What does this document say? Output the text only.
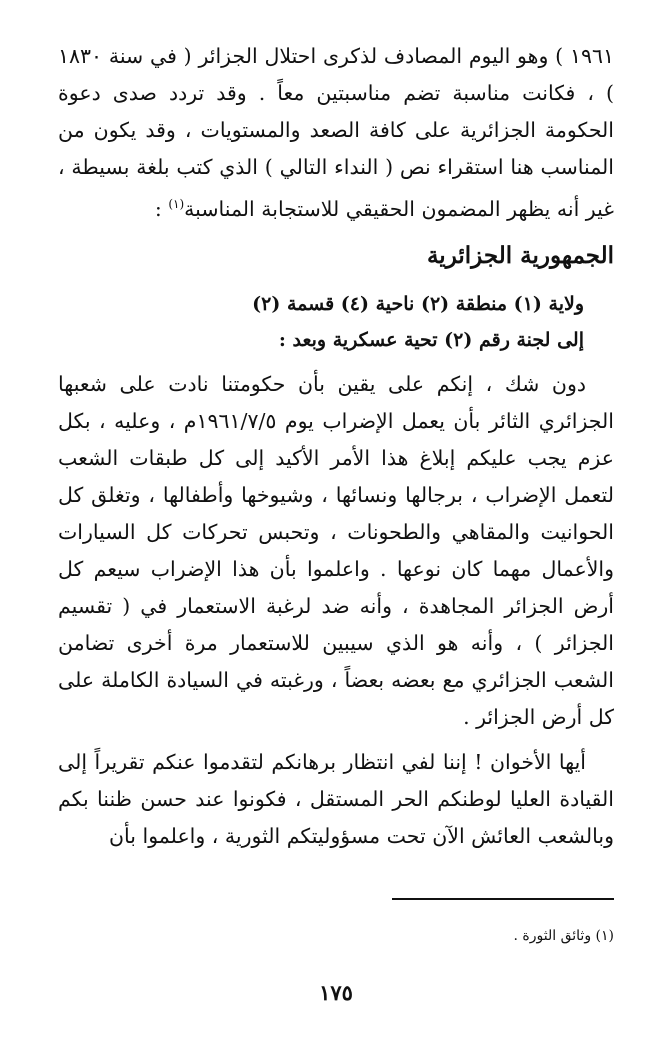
١٩٦١ ) وهو اليوم المصادف لذكرى احتلال الجزائر ( في سنة ١٨٣٠ ) ، فكانت مناسبة تضم مناسبتين معاً . وقد تردد صدى دعوة الحكومة الجزائرية على كافة الصعد والمستويات ، وقد يكون من المناسب هنا استقراء نص ( النداء التالي ) الذي كتب بلغة بسيطة ، غير أنه يظهر المضمون الحقيقي للاستجابة المناسبة$^{(١)}$ :

الجمهورية الجزائرية

ولاية (١) منطقة (٢) ناحية (٤) قسمة (٢)

إلى لجنة رقم (٢) تحية عسكرية وبعد :

دون شك ، إنكم على يقين بأن حكومتنا نادت على شعبها الجزائري الثائر بأن يعمل الإضراب يوم ١٩٦١/٧/٥م ، وعليه ، بكل عزم يجب عليكم إبلاغ هذا الأمر الأكيد إلى كل طبقات الشعب لتعمل الإضراب ، برجالها ونسائها ، وشيوخها وأطفالها ، وتغلق كل الحوانيت والمقاهي والطحونات ، وتحبس تحركات كل السيارات والأعمال مهما كان نوعها . واعلموا بأن هذا الإضراب سيعم كل أرض الجزائر المجاهدة ، وأنه ضد لرغبة الاستعمار في ( تقسيم الجزائر ) ، وأنه هو الذي سيبين للاستعمار مرة أخرى تضامن الشعب الجزائري مع بعضه بعضاً ، ورغبته في السيادة الكاملة على كل أرض الجزائر .

أيها الأخوان ! إننا لفي انتظار برهانكم لتقدموا عنكم تقريراً إلى القيادة العليا لوطنكم الحر المستقل ، فكونوا عند حسن ظننا بكم وبالشعب العائش الآن تحت مسؤوليتكم الثورية ، واعلموا بأن

(١) وثائق الثورة .
١٧٥
